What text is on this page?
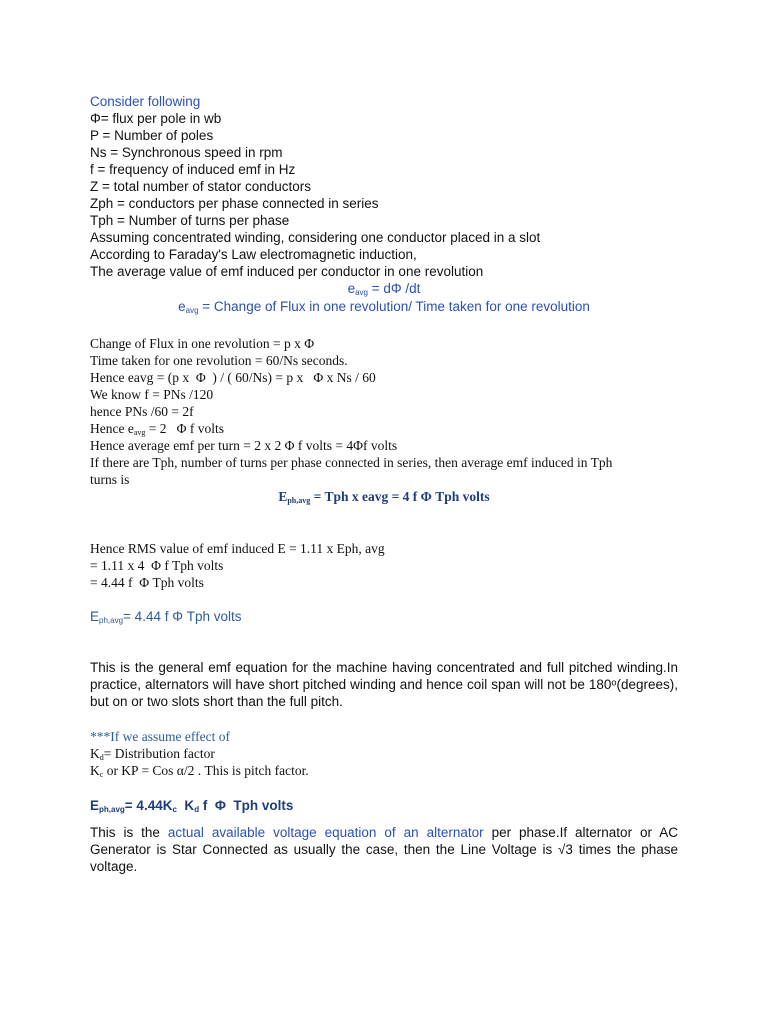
Consider following
Φ= flux per pole in wb
P = Number of poles
Ns = Synchronous speed in rpm
f = frequency of induced emf in Hz
Z = total number of stator conductors
Zph = conductors per phase connected in series
Tph = Number of turns per phase
Assuming concentrated winding, considering one conductor placed in a slot
According to Faraday's Law electromagnetic induction,
The average value of emf induced per conductor in one revolution
$e_{avg} = d\Phi$ /dt
$e_{avg}$ = Change of Flux in one revolution/ Time taken for one revolution
Change of Flux in one revolution = p x Φ
Time taken for one revolution = 60/Ns seconds.
Hence eavg = (p x  Φ  ) / ( 60/Ns) = p x   Φ x Ns / 60
We know f = PNs /120
hence PNs /60 = 2f
Hence $e_{avg} = 2$   Φ f volts
Hence average emf per turn = 2 x 2 Φ f volts = 4Φf volts
If there are Tph, number of turns per phase connected in series, then average emf induced in Tph
turns is
$E_{ph,avg}$ = Tph x eavg = 4 f Φ Tph volts
Hence RMS value of emf induced E = 1.11 x Eph, avg
= 1.11 x 4  Φ f Tph volts
= 4.44 f  Φ Tph volts
$E_{ph,avg}= 4.44$ f Φ Tph volts
This is the general emf equation for the machine having concentrated and full pitched winding.In practice, alternators will have short pitched winding and hence coil span will not be 180ᵒ(degrees), but on or two slots short than the full pitch.
***If we assume effect of
$K_d=$ Distribution factor
$K_c$ or KP = Cos α/2 . This is pitch factor.
$E_{ph,avg}= 4.44K_c$  $K_d$ f  Φ  Tph volts
This is the actual available voltage equation of an alternator per phase.If alternator or AC Generator is Star Connected as usually the case, then the Line Voltage is √3 times the phase voltage.
